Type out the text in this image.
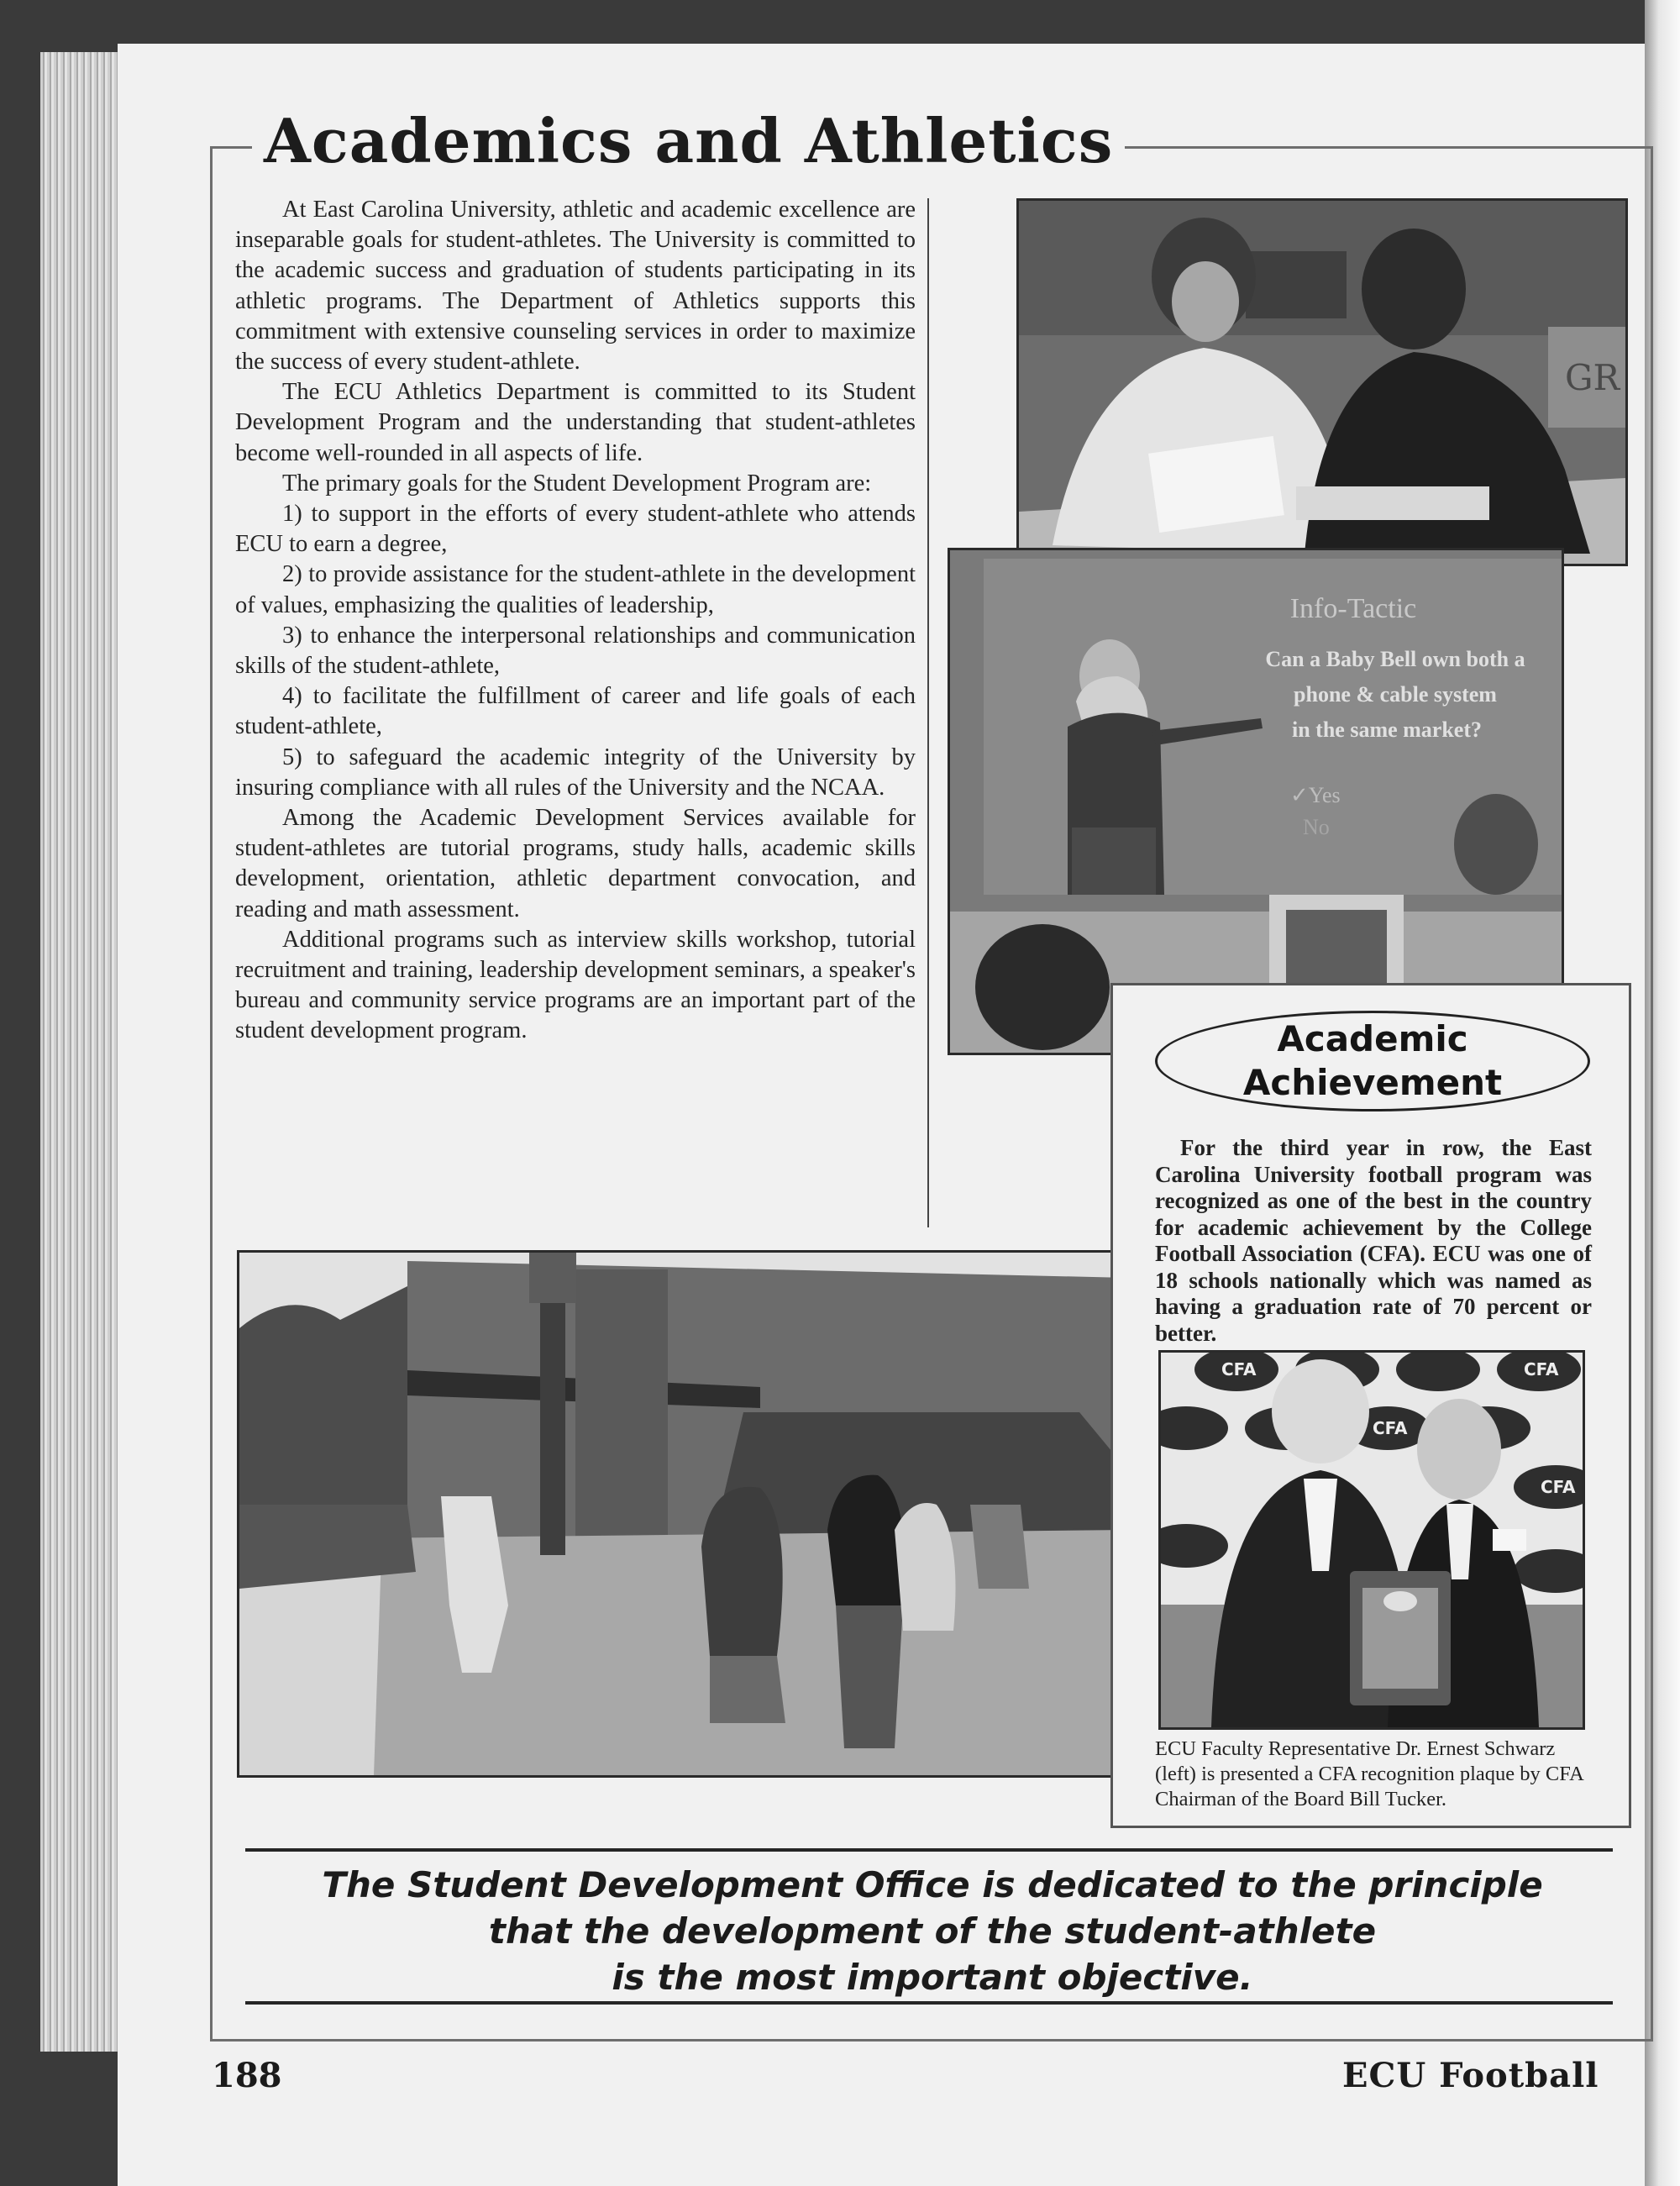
Academics and Athletics

At East Carolina University, athletic and academic excellence are inseparable goals for student-athletes. The University is committed to the academic success and graduation of students participating in its athletic programs. The Department of Athletics supports this commitment with extensive counseling services in order to maximize the success of every student-athlete.

The ECU Athletics Department is committed to its Student Development Program and the understanding that student-athletes become well-rounded in all aspects of life.

The primary goals for the Student Development Program are:

1) to support in the efforts of every student-athlete who attends ECU to earn a degree,

2) to provide assistance for the student-athlete in the development of values, emphasizing the qualities of leadership,

3) to enhance the interpersonal relationships and communication skills of the student-athlete,

4) to facilitate the fulfillment of career and life goals of each student-athlete,

5) to safeguard the academic integrity of the University by insuring compliance with all rules of the University and the NCAA.

Among the Academic Development Services available for student-athletes are tutorial programs, study halls, academic skills development, orientation, athletic department convocation, and reading and math assessment.

Additional programs such as interview skills workshop, tutorial recruitment and training, leadership development seminars, a speaker's bureau and community service programs are an important part of the student development program.

GR
Info-Tactic
Can a Baby Bell own both a
phone & cable system
in the same market?
✓Yes
No
Academic
Achievement

For the third year in row, the East Carolina University football program was recognized as one of the best in the country for academic achievement by the College Football Association (CFA). ECU was one of 18 schools nationally which was named as having a graduation rate of 70 percent or better.

CFA	CFA
CFA
CFA
ECU Faculty Representative Dr. Ernest Schwarz (left) is presented a CFA recognition plaque by CFA Chairman of the Board Bill Tucker.
The Student Development Office is dedicated to the principle
that the development of the student-athlete
is the most important objective.
188	ECU Football
